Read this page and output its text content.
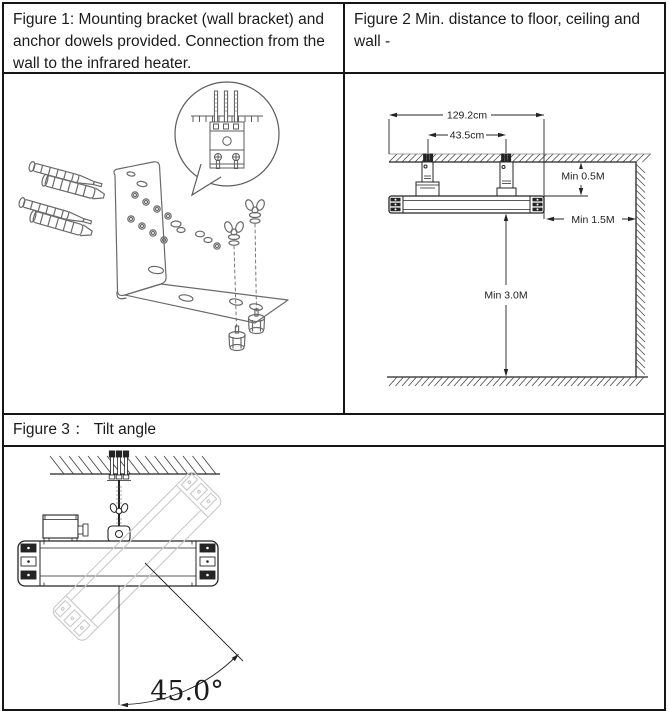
Figure 1: Mounting bracket (wall bracket) and anchor dowels provided. Connection from the wall to the infrared heater.
Figure 2 Min. distance to floor, ceiling and wall -
129.2cm
43.5cm
Min 0.5M
Min 1.5M
Min 3.0M
Figure 3 ： Tilt angle
45.0°
